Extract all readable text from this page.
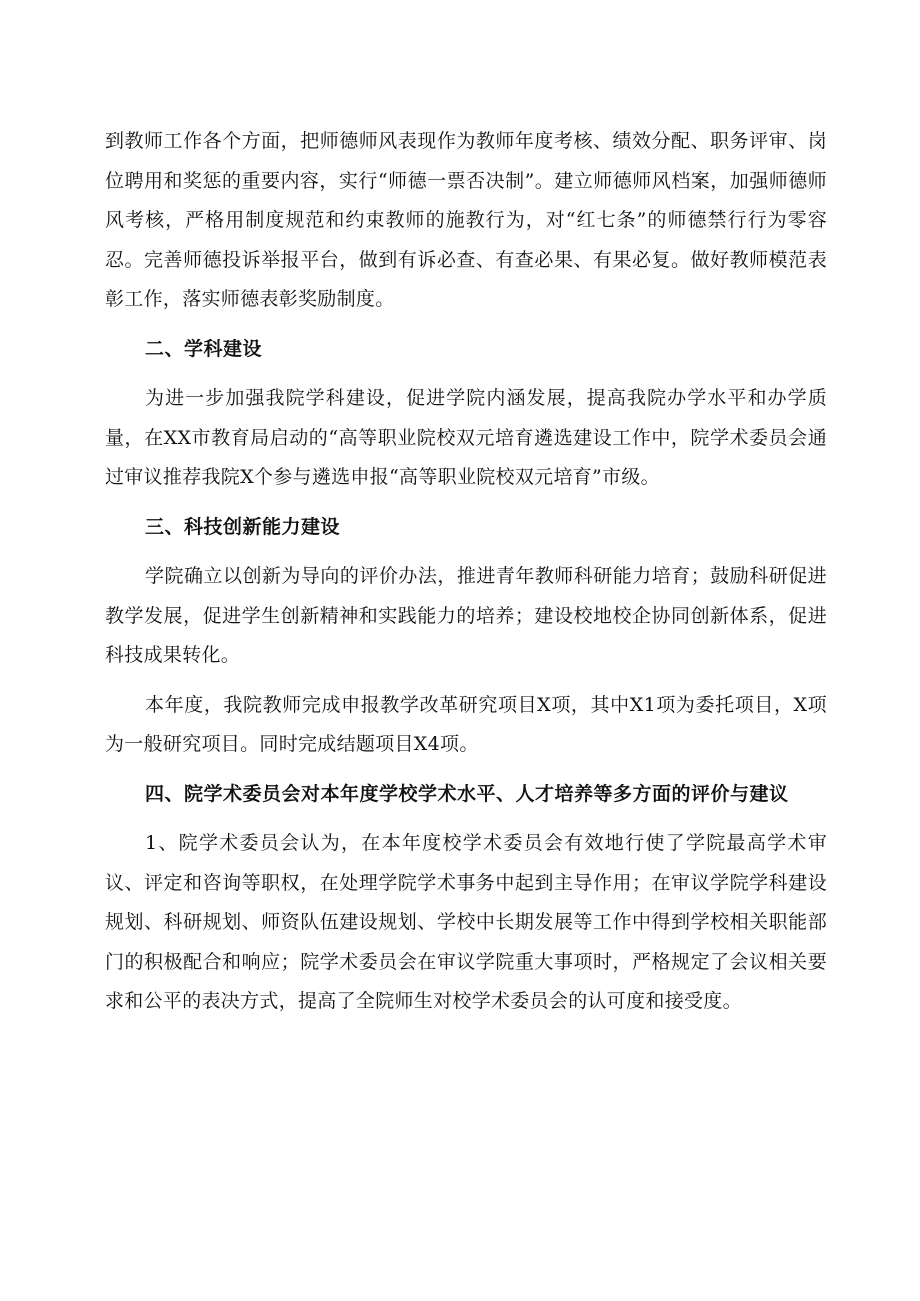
到教师工作各个方面，把师德师风表现作为教师年度考核、绩效分配、职务评审、岗位聘用和奖惩的重要内容，实行“师德一票否决制”。建立师德师风档案，加强师德师风考核，严格用制度规范和约束教师的施教行为，对“红七条”的师德禁行行为零容忍。完善师德投诉举报平台，做到有诉必查、有查必果、有果必复。做好教师模范表彰工作，落实师德表彰奖励制度。

二、学科建设

为进一步加强我院学科建设，促进学院内涵发展，提高我院办学水平和办学质量，在XX市教育局启动的“高等职业院校双元培育遴选建设工作中，院学术委员会通过审议推荐我院X个参与遴选申报“高等职业院校双元培育”市级。

三、科技创新能力建设

学院确立以创新为导向的评价办法，推进青年教师科研能力培育；鼓励科研促进教学发展，促进学生创新精神和实践能力的培养；建设校地校企协同创新体系，促进科技成果转化。

本年度，我院教师完成申报教学改革研究项目X项，其中X1项为委托项目，X项为一般研究项目。同时完成结题项目X4项。

四、院学术委员会对本年度学校学术水平、人才培养等多方面的评价与建议

1、院学术委员会认为，在本年度校学术委员会有效地行使了学院最高学术审议、评定和咨询等职权，在处理学院学术事务中起到主导作用；在审议学院学科建设规划、科研规划、师资队伍建设规划、学校中长期发展等工作中得到学校相关职能部门的积极配合和响应；院学术委员会在审议学院重大事项时，严格规定了会议相关要求和公平的表决方式，提高了全院师生对校学术委员会的认可度和接受度。
